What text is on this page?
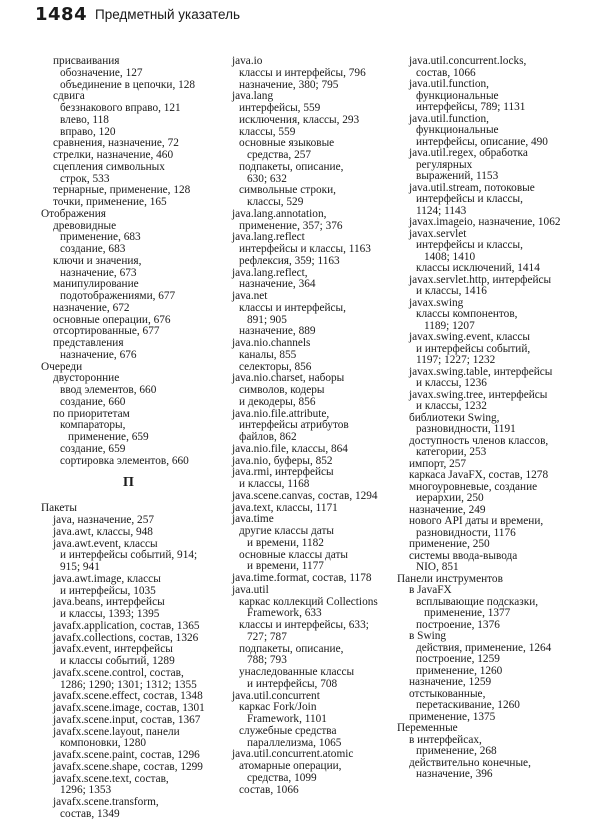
1484 Предметный указатель
присваивания
обозначение, 127
объединение в цепочки, 128
сдвига
беззнакового вправо, 121
влево, 118
вправо, 120
сравнения, назначение, 72
стрелки, назначение, 460
сцепления символьных
строк, 533
тернарные, применение, 128
точки, применение, 165
Отображения
древовидные
применение, 683
создание, 683
ключи и значения,
назначение, 673
манипулирование
подотображениями, 677
назначение, 672
основные операции, 676
отсортированные, 677
представления
назначение, 676
Очереди
двусторонние
ввод элементов, 660
создание, 660
по приоритетам
компараторы,
применение, 659
создание, 659
сортировка элементов, 660
П
Пакеты
java, назначение, 257
java.awt, классы, 948
java.awt.event, классы
и интерфейсы событий, 914;
915; 941
java.awt.image, классы
и интерфейсы, 1035
java.beans, интерфейсы
и классы, 1393; 1395
javafx.application, состав, 1365
javafx.collections, состав, 1326
javafx.event, интерфейсы
и классы событий, 1289
javafx.scene.control, состав,
1286; 1290; 1301; 1312; 1355
javafx.scene.effect, состав, 1348
javafx.scene.image, состав, 1301
javafx.scene.input, состав, 1367
javafx.scene.layout, панели
компоновки, 1280
javafx.scene.paint, состав, 1296
javafx.scene.shape, состав, 1299
javafx.scene.text, состав,
1296; 1353
javafx.scene.transform,
состав, 1349
java.io
классы и интерфейсы, 796
назначение, 380; 795
java.lang
интерфейсы, 559
исключения, классы, 293
классы, 559
основные языковые
средства, 257
подпакеты, описание,
630; 632
символьные строки,
классы, 529
java.lang.annotation,
применение, 357; 376
java.lang.reflect
интерфейсы и классы, 1163
рефлексия, 359; 1163
java.lang.reflect,
назначение, 364
java.net
классы и интерфейсы,
891; 905
назначение, 889
java.nio.channels
каналы, 855
селекторы, 856
java.nio.charset, наборы
символов, кодеры
и декодеры, 856
java.nio.file.attribute,
интерфейсы атрибутов
файлов, 862
java.nio.file, классы, 864
java.nio, буферы, 852
java.rmi, интерфейсы
и классы, 1168
java.scene.canvas, состав, 1294
java.text, классы, 1171
java.time
другие классы даты
и времени, 1182
основные классы даты
и времени, 1177
java.time.format, состав, 1178
java.util
каркас коллекций Collections
Framework, 633
классы и интерфейсы, 633;
727; 787
подпакеты, описание,
788; 793
унаследованные классы
и интерфейсы, 708
java.util.concurrent
каркас Fork/Join
Framework, 1101
служебные средства
параллелизма, 1065
java.util.concurrent.atomic
атомарные операции,
средства, 1099
состав, 1066
java.util.concurrent.locks,
состав, 1066
java.util.function,
функциональные
интерфейсы, 789; 1131
java.util.function,
функциональные
интерфейсы, описание, 490
java.util.regex, обработка
регулярных
выражений, 1153
java.util.stream, потоковые
интерфейсы и классы,
1124; 1143
javax.imageio, назначение, 1062
javax.servlet
интерфейсы и классы,
1408; 1410
классы исключений, 1414
javax.servlet.http, интерфейсы
и классы, 1416
javax.swing
классы компонентов,
1189; 1207
javax.swing.event, классы
и интерфейсы событий,
1197; 1227; 1232
javax.swing.table, интерфейсы
и классы, 1236
javax.swing.tree, интерфейсы
и классы, 1232
библиотеки Swing,
разновидности, 1191
доступность членов классов,
категории, 253
импорт, 257
каркаса JavaFX, состав, 1278
многоуровневые, создание
иерархии, 250
назначение, 249
нового API даты и времени,
разновидности, 1176
применение, 250
системы ввода-вывода
NIO, 851
Панели инструментов
в JavaFX
всплывающие подсказки,
применение, 1377
построение, 1376
в Swing
действия, применение, 1264
построение, 1259
применение, 1260
назначение, 1259
отстыкованные,
перетаскивание, 1260
применение, 1375
Переменные
в интерфейсах,
применение, 268
действительно конечные,
назначение, 396
